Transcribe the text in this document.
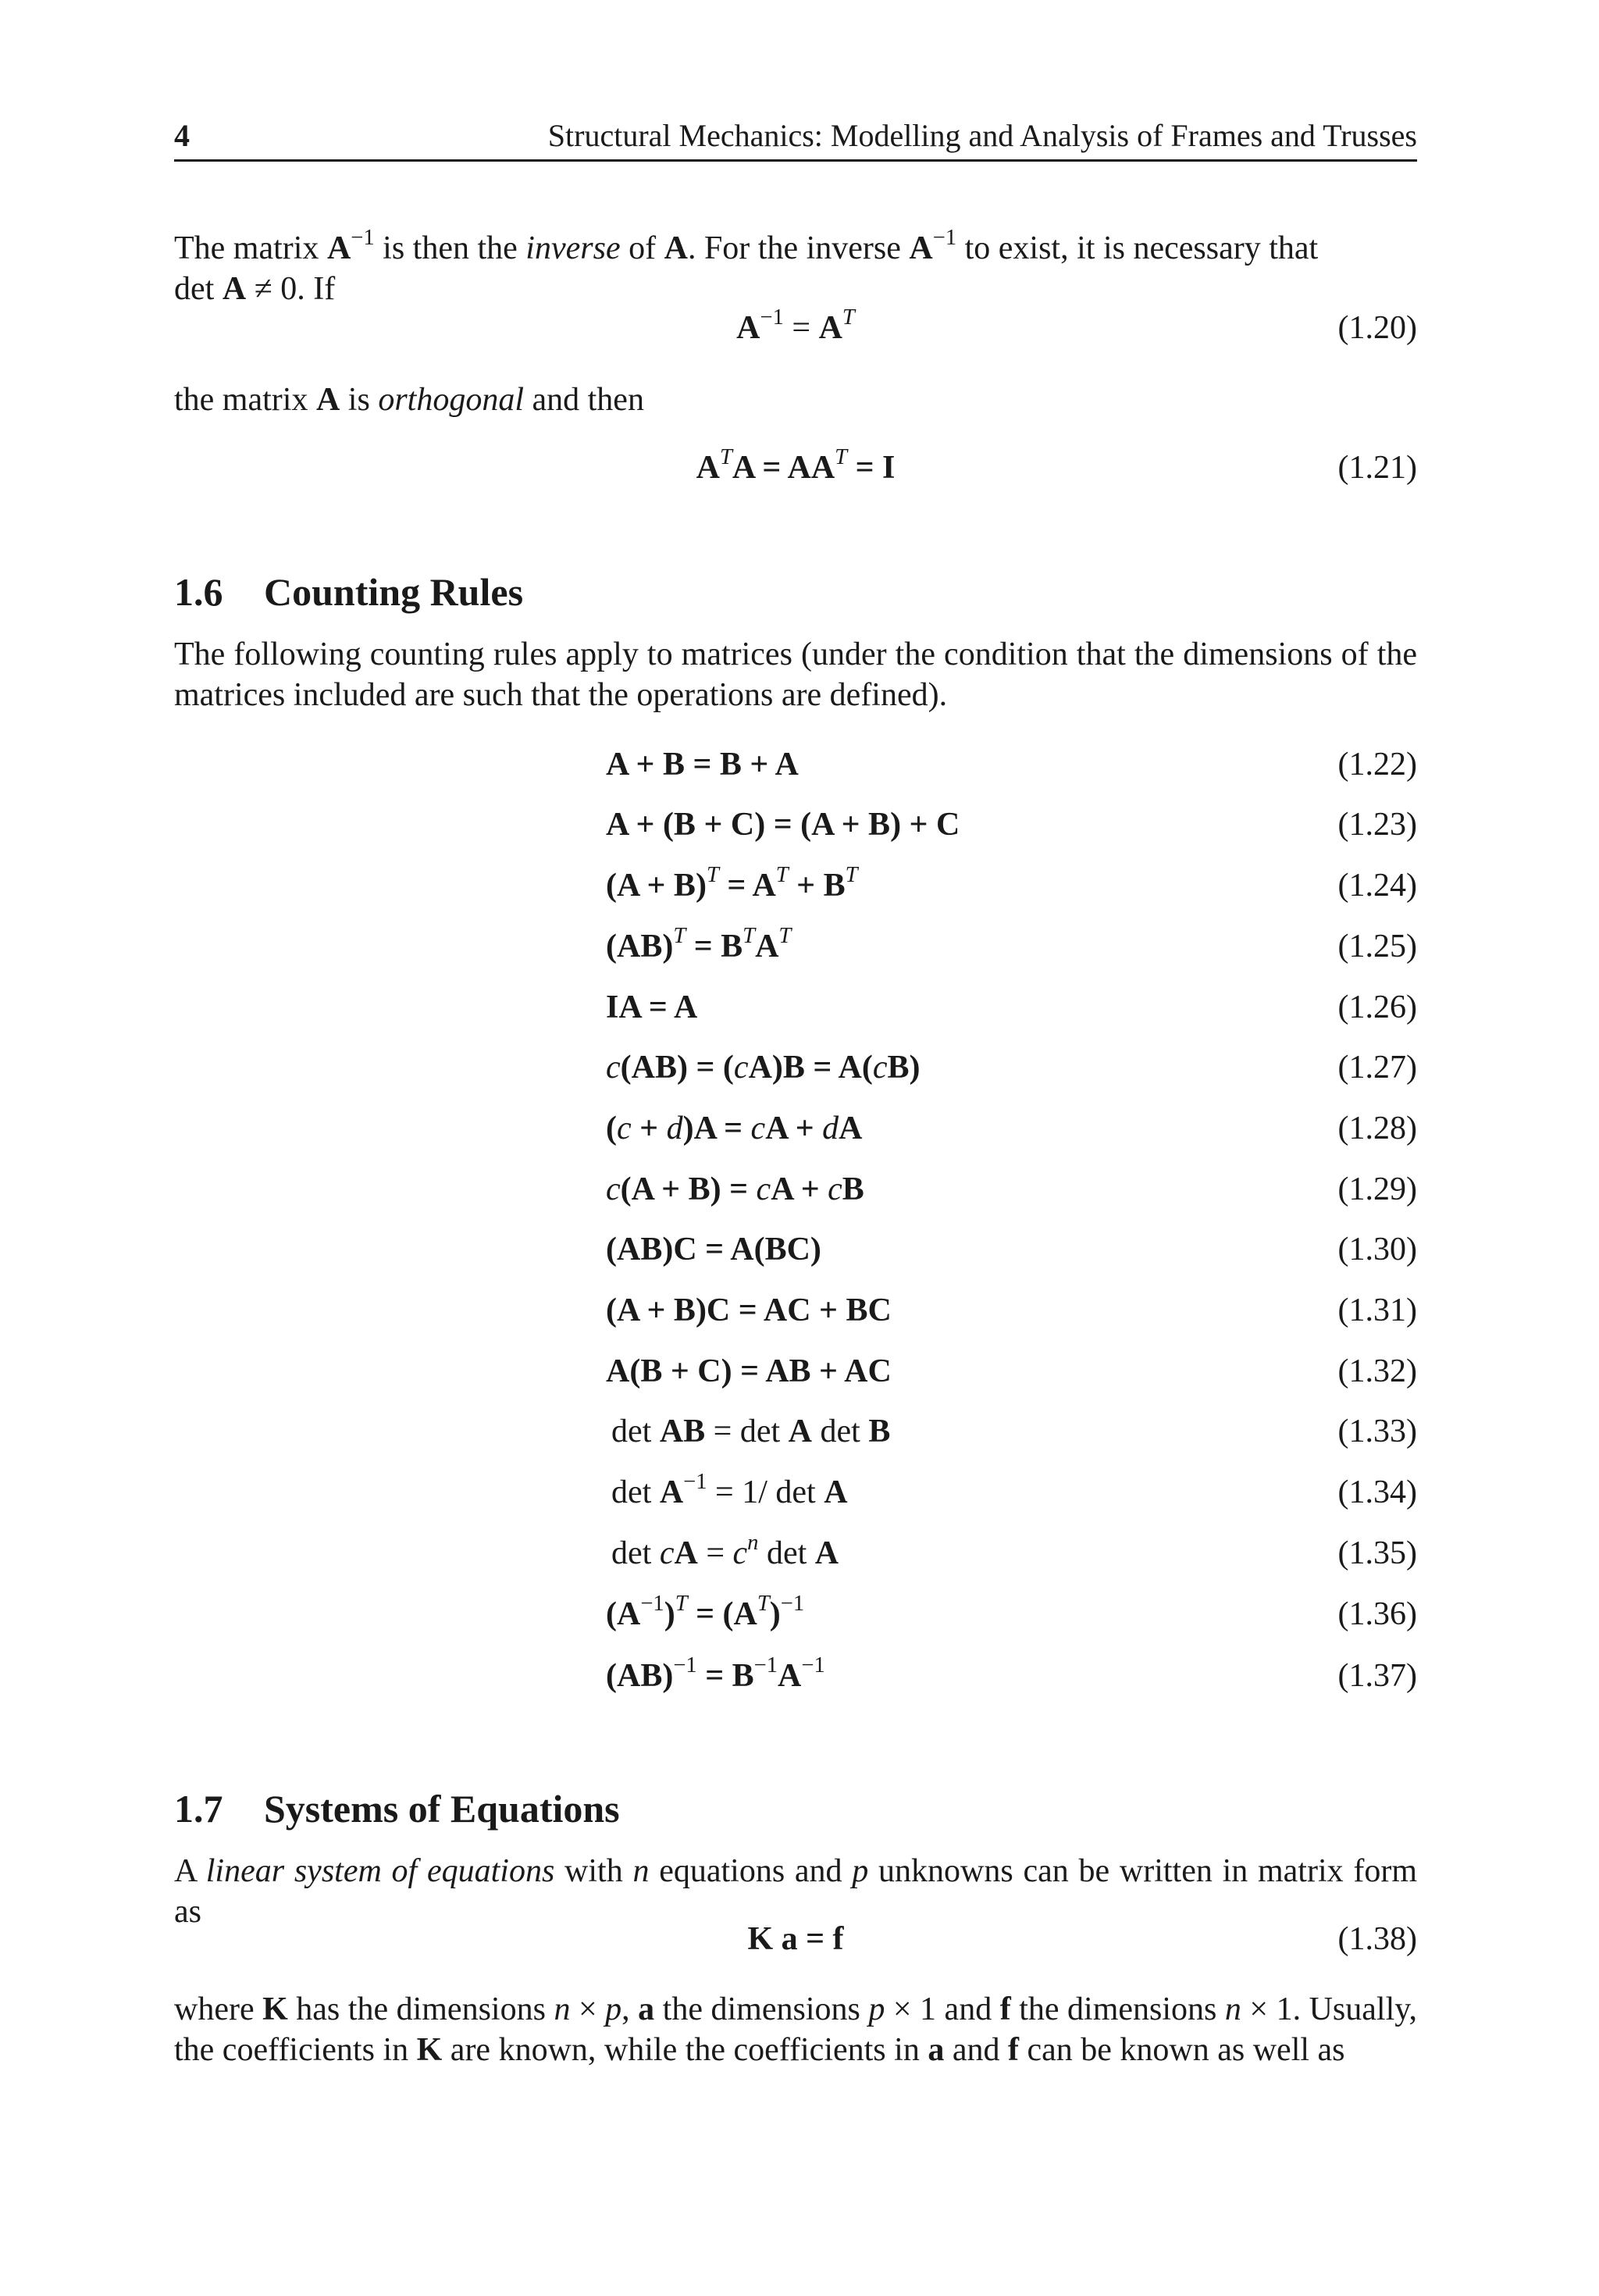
4	Structural Mechanics: Modelling and Analysis of Frames and Trusses

The matrix $A^{-1}$ is then the inverse of A. For the inverse $A^{-1}$ to exist, it is necessary that
det A ≠ 0. If

$A^{-1} = A^T$	(1.20)

the matrix A is orthogonal and then

$A^TA = AA^T = I$	(1.21)
1.6 Counting Rules

The following counting rules apply to matrices (under the condition that the dimensions of the matrices included are such that the operations are defined).

A + B = B + A	(1.22)
A + (B + C) = (A + B) + C	(1.23)
$(A + B)^T = A^T + B^T$	(1.24)
$(AB)^T = B^TA^T$	(1.25)
IA = A	(1.26)
c(AB) = (cA)B = A(cB)	(1.27)
(c + d)A = cA + dA	(1.28)
c(A + B) = cA + cB	(1.29)
(AB)C = A(BC)	(1.30)
(A + B)C = AC + BC	(1.31)
A(B + C) = AB + AC	(1.32)
det AB = det A det B	(1.33)
$\det A^{-1} = 1/$ det A	(1.34)
det cA = $c^n$ det A	(1.35)
$(A^{-1})^T = (A^T)^{-1}$	(1.36)
$(AB)^{-1} = B^{-1}A^{-1}$	(1.37)
1.7 Systems of Equations

A linear system of equations with n equations and p unknowns can be written in matrix form as

K a = f	(1.38)

where K has the dimensions n × p, a the dimensions p × 1 and f the dimensions n × 1. Usually, the coefficients in K are known, while the coefficients in a and f can be known as well as
